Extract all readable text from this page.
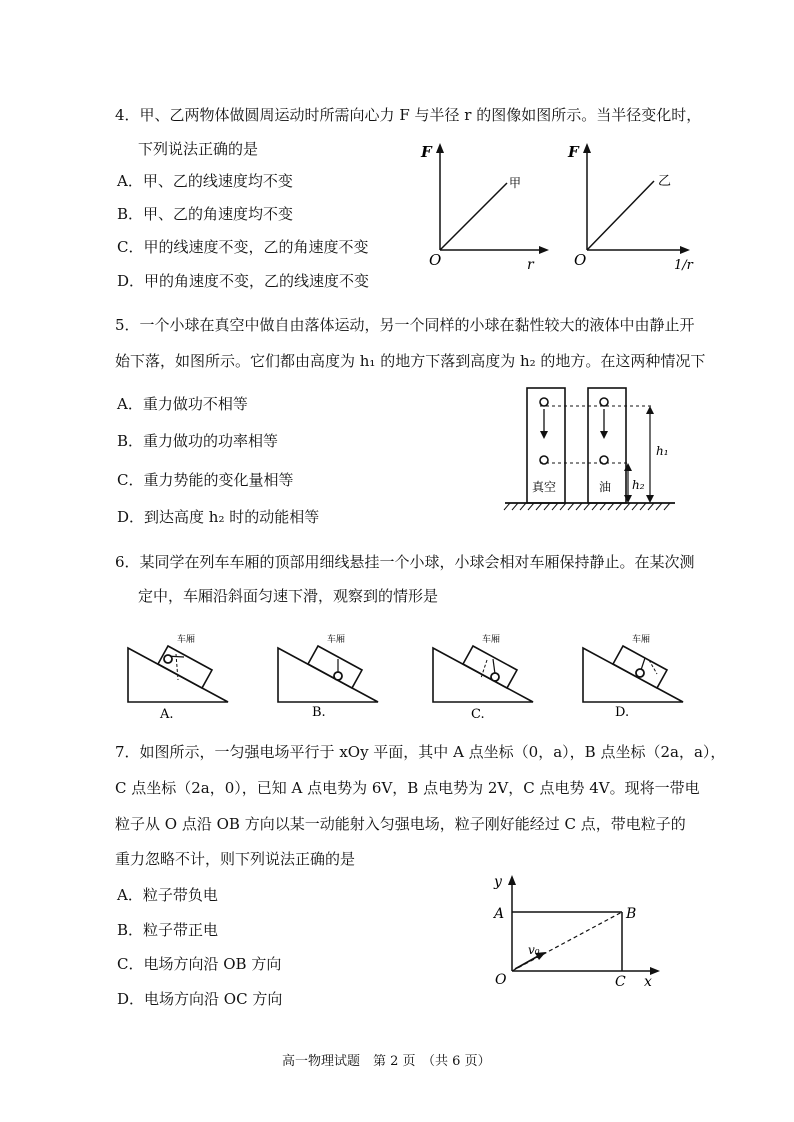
4．甲、乙两物体做圆周运动时所需向心力 F 与半径 r 的图像如图所示。当半径变化时，
下列说法正确的是
A．甲、乙的线速度均不变
B．甲、乙的角速度均不变
C．甲的线速度不变，乙的角速度不变
D．甲的角速度不变，乙的线速度不变
F
r
O
甲
F
1/r
O
乙
5．一个小球在真空中做自由落体运动，另一个同样的小球在黏性较大的液体中由静止开
始下落，如图所示。它们都由高度为 h₁ 的地方下落到高度为 h₂ 的地方。在这两种情况下
A．重力做功不相等
B．重力做功的功率相等
C．重力势能的变化量相等
D．到达高度 h₂ 时的动能相等
真空	油
h₁
h₂
6．某同学在列车车厢的顶部用细线悬挂一个小球，小球会相对车厢保持静止。在某次测
定中，车厢沿斜面匀速下滑，观察到的情形是
车厢
A.
车厢
B.
车厢
C.
车厢
D.
7．如图所示，一匀强电场平行于 xOy 平面，其中 A 点坐标（0，a），B 点坐标（2a，a），
C 点坐标（2a，0），已知 A 点电势为 6V，B 点电势为 2V，C 点电势 4V。现将一带电
粒子从 O 点沿 OB 方向以某一动能射入匀强电场，粒子刚好能经过 C 点，带电粒子的
重力忽略不计，则下列说法正确的是
A．粒子带负电
B．粒子带正电
C．电场方向沿 OB 方向
D．电场方向沿 OC 方向
y
x
O
A	B
C
v₀
高一物理试题　第 2 页　（共 6 页）
